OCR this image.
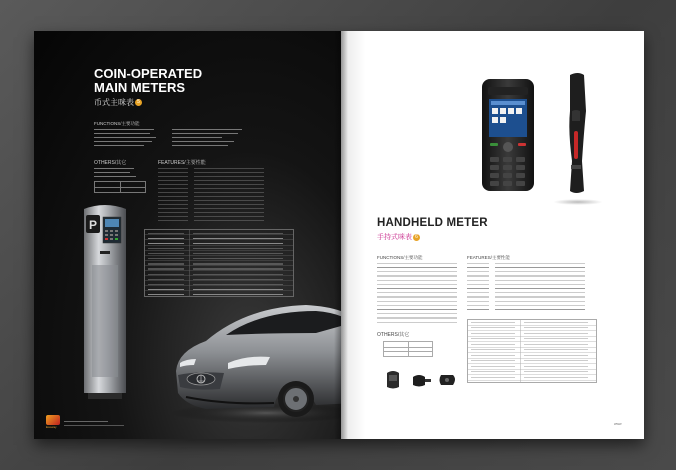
COIN-OPERATED
MAIN METERS
币式主咪表 5
FUNCTIONS/主要功能
OTHERS/其它	FEATURES/主要性能
P
Ecoway
HANDHELD METER
手持式咪表 6
FUNCTIONS/主要功能	FEATURES/主要性能
OTHERS/其它
www
